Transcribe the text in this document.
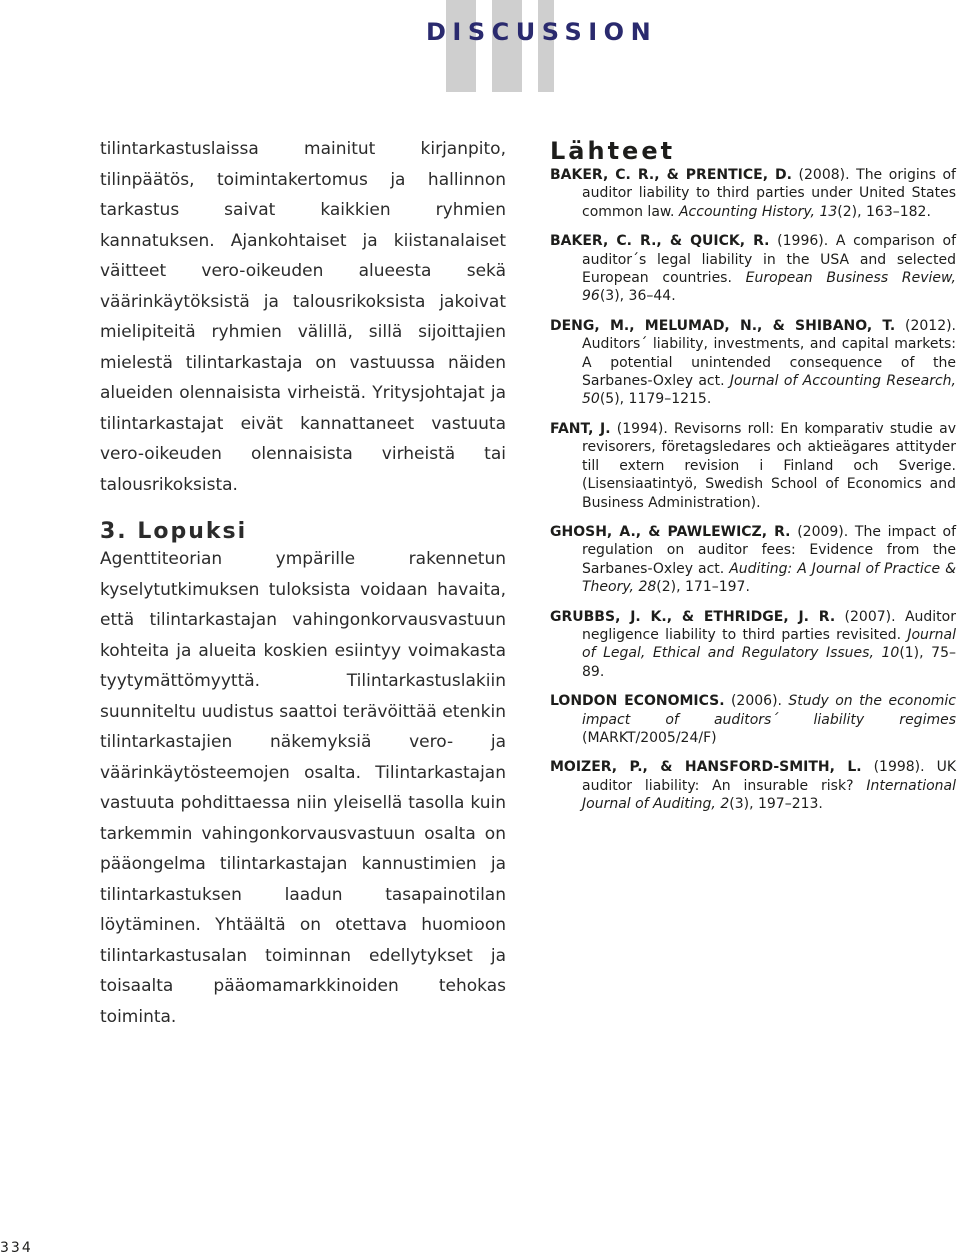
DISCUSSION

tilintarkastuslaissa mainitut kirjanpito, tilinpäätös, toimintakertomus ja hallinnon tarkastus saivat kaikkien ryhmien kannatuksen. Ajankohtaiset ja kiistanalaiset väitteet vero-oikeuden alueesta sekä väärinkäytöksistä ja talousrikoksista jakoivat mielipiteitä ryhmien välillä, sillä sijoittajien mielestä tilintarkastaja on vastuussa näiden alueiden olennaisista virheistä. Yritysjohtajat ja tilintarkastajat eivät kannattaneet vastuuta vero-oikeuden olennaisista virheistä tai talousrikoksista.

3. Lopuksi

Agenttiteorian ympärille rakennetun kyselytutkimuksen tuloksista voidaan havaita, että tilintarkastajan vahingonkorvausvastuun kohteita ja alueita koskien esiintyy voimakasta tyytymättömyyttä. Tilintarkastuslakiin suunniteltu uudistus saattoi terävöittää etenkin tilintarkastajien näkemyksiä vero- ja väärinkäytösteemojen osalta. Tilintarkastajan vastuuta pohdittaessa niin yleisellä tasolla kuin tarkemmin vahingonkorvausvastuun osalta on pääongelma tilintarkastajan kannustimien ja tilintarkastuksen laadun tasapainotilan löytäminen. Yhtäältä on otettava huomioon tilintarkastusalan toiminnan edellytykset ja toisaalta pääomamarkkinoiden tehokas toiminta.

Lähteet

BAKER, C. R., & PRENTICE, D. (2008). The origins of auditor liability to third parties under United States common law. Accounting History, 13(2), 163–182.

BAKER, C. R., & QUICK, R. (1996). A comparison of auditor´s legal liability in the USA and selected European countries. European Business Review, 96(3), 36–44.

DENG, M., MELUMAD, N., & SHIBANO, T. (2012). Auditors´ liability, investments, and capital markets: A potential unintended consequence of the Sarbanes-Oxley act. Journal of Accounting Research, 50(5), 1179–1215.

FANT, J. (1994). Revisorns roll: En komparativ studie av revisorers, företagsledares och aktieägares attityder till extern revision i Finland och Sverige. (Lisensiaatintyö, Swedish School of Economics and Business Administration).

GHOSH, A., & PAWLEWICZ, R. (2009). The impact of regulation on auditor fees: Evidence from the Sarbanes-Oxley act. Auditing: A Journal of Practice & Theory, 28(2), 171–197.

GRUBBS, J. K., & ETHRIDGE, J. R. (2007). Auditor negligence liability to third parties revisited. Journal of Legal, Ethical and Regulatory Issues, 10(1), 75–89.

LONDON ECONOMICS. (2006). Study on the economic impact of auditors´ liability regimes (MARKT/2005/24/F)

MOIZER, P., & HANSFORD-SMITH, L. (1998). UK auditor liability: An insurable risk? International Journal of Auditing, 2(3), 197–213.

334
